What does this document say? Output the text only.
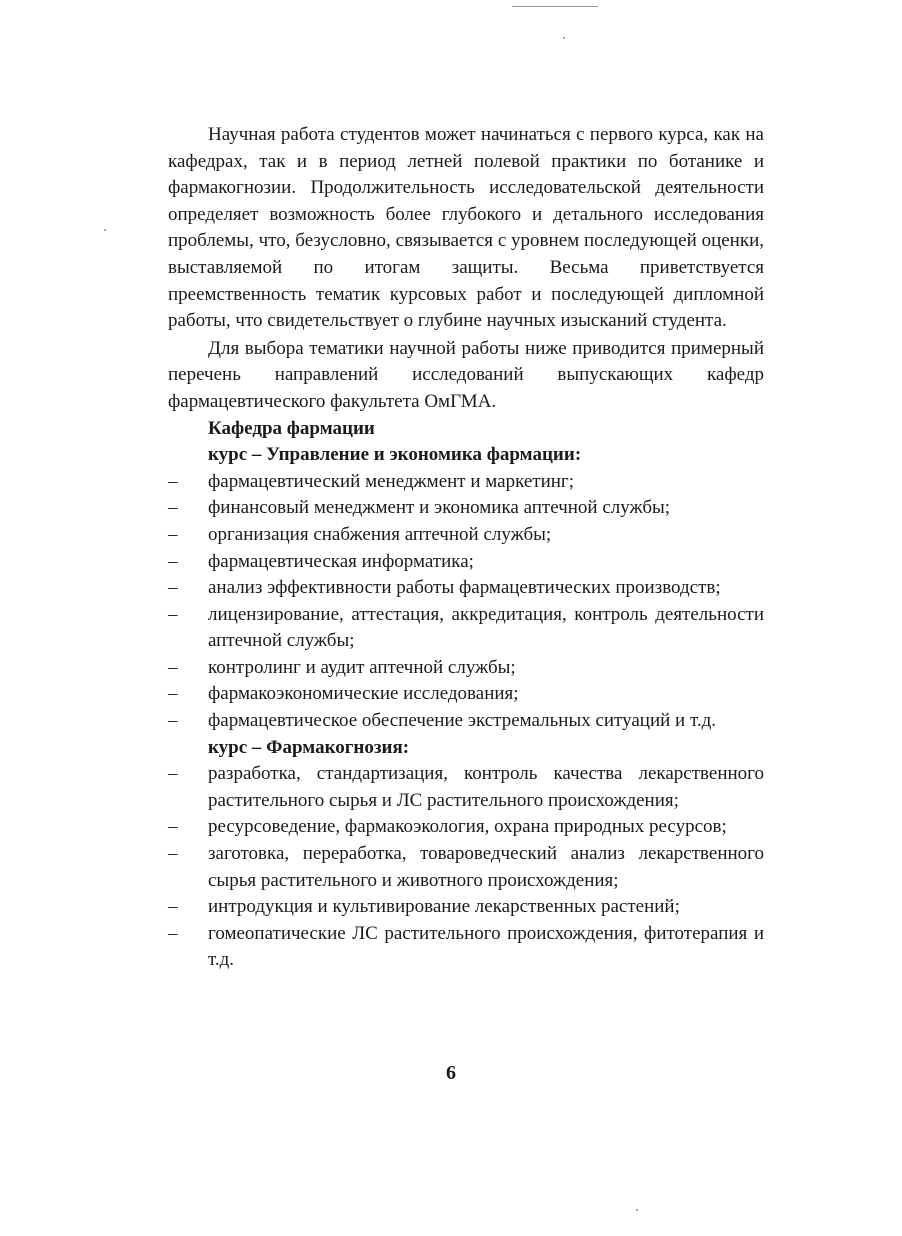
Научная работа студентов может начинаться с первого курса, как на кафедрах, так и в период летней полевой практики по ботанике и фармакогнозии. Продолжительность исследовательской деятельности определяет возможность более глубокого и детального исследования проблемы, что, безусловно, связывается с уровнем последующей оценки, выставляемой по итогам защиты. Весьма приветствуется преемственность тематик курсовых работ и последующей дипломной работы, что свидетельствует о глубине научных изысканий студента.

Для выбора тематики научной работы ниже приводится примерный перечень направлений исследований выпускающих кафедр фармацевтического факультета ОмГМА.

Кафедра фармации

курс – Управление и экономика фармации:

– фармацевтический менеджмент и маркетинг;
– финансовый менеджмент и экономика аптечной службы;
– организация снабжения аптечной службы;
– фармацевтическая информатика;
– анализ эффективности работы фармацевтических производств;
– лицензирование, аттестация, аккредитация, контроль деятельности аптечной службы;
– контролинг и аудит аптечной службы;
– фармакоэкономические исследования;
– фармацевтическое обеспечение экстремальных ситуаций и т.д.

курс – Фармакогнозия:

– разработка, стандартизация, контроль качества лекарственного растительного сырья и ЛС растительного происхождения;
– ресурсоведение, фармакоэкология, охрана природных ресурсов;
– заготовка, переработка, товароведческий анализ лекарственного сырья растительного и животного происхождения;
– интродукция и культивирование лекарственных растений;
– гомеопатические ЛС растительного происхождения, фитотерапия и т.д.
6
